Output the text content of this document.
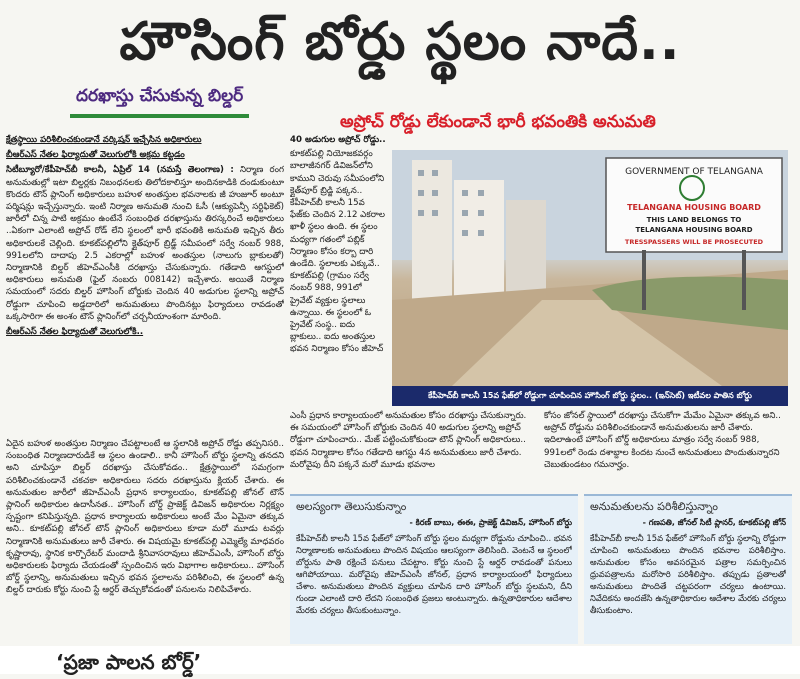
హౌసింగ్ బోర్డు స్థలం నాదే..
దరఖాస్తు చేసుకున్న బిల్డర్
అప్రోచ్ రోడ్డు లేకుండానే భారీ భవంతికి అనుమతి

క్షేత్రస్థాయి పరిశీలించకుండానే వర్కిషన్ ఇచ్చేసిన అధికారులు

బీఆర్ఎస్ నేతల ఫిర్యాదుతో వెలుగులోకి అక్రమ కట్టడం

సిటీబ్యూరో/కేపీహెచ్‌బీ కాలనీ, ఏప్రిల్ 14 (నమస్తే తెలంగాణ) : నిర్మాణ రంగ అనుమతుల్లో ఇటా బిల్డర్లకు నిబంధనలకు తిలోదకాలిస్తూ అందినకాడికి దండుకుంటూ కొందరు టౌన్ ప్లానింగ్ అధికారులు బహుళ అంతస్తుల భవనాలకు జీ హుజూర్ అంటూ పర్మిషన్లు ఇచ్చేస్తున్నారు. ఇంటి నిర్మాణ అనుమతి నుంచి ఓసీ (ఆక్యుపెన్సీ సర్టిఫికెట్) జారీలో చిన్న పాటి అక్రమం ఉంటేనే సంబంధిత దరఖాస్తును తిరస్కరించే అధికారులు ..ఏకంగా ఎలాంటి అప్రోచ్ రోడ్ లేని స్థలంలో భారీ భవంతికి అనుమతి ఇచ్చిన తీరు అధికారులకే చెల్లింది. కూకట్‌పల్లిలోని క్లైత్‌పూర్ బ్రిడ్జ్ సమీపంలో సర్వే నంబర్ 988, 991లలోని దాదాపు 2.5 ఎకరాల్లో బహుళ అంతస్తుల (నాలుగు బ్లాకులతో) నిర్మాణానికి బిల్డర్ జీహెచ్‌ఎంసీకి దరఖాస్తు చేసుకున్నారు. గతేడాది ఆగస్టులో అధికారులు అనుమతి (ఫైల్ నంబరు 008142) ఇచ్చేశారు. అయితే నిర్మాణ సమయంలో సదరు బిల్డర్ హౌసింగ్ బోర్డుకు చెందిన 40 అడుగుల స్థలాన్ని అప్రోచ్ రోడ్డుగా చూపించి అడ్డదారిలో అనుమతులు పొందినట్లు ఫిర్యాదులు రావడంతో ఒక్కసారిగా ఈ అంశం టౌన్ ప్లానింగ్‌లో చర్చనీయాంశంగా మారింది.

బీఆర్ఎస్ నేతల ఫిర్యాదుతో వెలుగులోకి..

40 అడుగుల అప్రోచ్ రోడ్డు..

కూకట్‌పల్లి నియోజకవర్గం బాలాజీనగర్ డివిజన్‌లోని కాముని చెరువు సమీపంలోని క్లైత్‌పూర్ బ్రిడ్జి పక్కన.. కేపీహెచ్‌బీ కాలనీ 15వ ఫేజ్‌కు చెందిన 2.12 ఎకరాల ఖాళీ స్థలం ఉంది. ఈ స్థలం మధ్యగా గతంలో పబ్లిక్ నిర్మాణం కోసం కర్బా దారి ఉండేది. స్థలాలకు ఎక్కువే.. కూకట్‌పల్లి (గ్రామం సర్వే నంబర్ 988, 991లో ప్రైవేట్ వ్యక్తుల స్థలాలు ఉన్నాయి. ఈ స్థలంలో ఓ ప్రైవేట్ సంస్థ.. ఐదు బ్లాకులు.. ఐదు అంతస్తుల భవన నిర్మాణం కోసం జీహెచ్

GOVERNMENT OF TELANGANA
TELANGANA HOUSING BOARD
THIS LAND BELONGS TO
TELANGANA HOUSING BOARD
TRESSPASSERS WILL BE PROSECUTED
కేపీహెచ్‌బీ కాలనీ 15వ ఫేజ్‌లో రోడ్డుగా చూపించిన హౌసింగ్ బోర్డు స్థలం.. (ఇన్‌సెట్) ఇటీవల పాతిన బోర్డు
ఏదైన బహుళ అంతస్తుల నిర్మాణం చేపట్టాలంటే ఆ స్థలానికి అప్రోచ్ రోడ్డు తప్పనిసరి.. సంబంధిత నిర్మాణదారుడికే ఆ స్థలం ఉండాలి.. కానీ హౌసింగ్ బోర్డు స్థలాన్ని తనదని అని చూపిస్తూ బిల్డర్ దరఖాస్తు చేసుకోవడం.. క్షేత్రస్థాయిలో సమగ్రంగా పరిశీలించకుండానే చకచకా అధికారులు సదరు దరఖాస్తును క్లియర్ చేశారు. ఈ అనుమతుల జారీలో జీహెచ్‌ఎంసీ ప్రధాన కార్యాలయం, కూకట్‌పల్లి జోనల్ టౌన్ ప్లానింగ్ అధికారుల ఉదాసీనత.. హౌసింగ్ బోర్డ్ ప్రాజెక్ట్ డివిజన్ అధికారుల నిర్లక్ష్యం స్పష్టంగా కనిపిస్తున్నది. ప్రధాన కార్యాలయ అధికారులు అంటే మేం ఏమైనా తక్కువ అని.. కూకట్‌పల్లి జోనల్ టౌన్ ప్లానింగ్ అధికారులు కూడా మరో మూడు టవర్లు నిర్మాణానికి అనుమతులు జారీ చేశారు. ఈ విషయమై కూకట్‌పల్లి ఎమ్మెల్యే మాధవరం కృష్ణారావు, స్థానిక కార్పొరేటర్ మందాడి శ్రీనివాసరావులు జీహెచ్‌ఎంసీ, హౌసింగ్ బోర్డు అధికారులకు ఫిర్యాదు చేయడంతో స్పందించిన ఇరు విభాగాల అధికారులు.. హౌసింగ్ బోర్డ్ స్థలాన్ని, అనుమతులు ఇచ్చిన భవన స్థలాలను పరిశీలించి, ఈ స్థలంలో ఉన్న బిల్డర్ దారుకు కోర్టు నుంచి స్టే ఆర్డర్ తెచ్చుకోవడంతో పనులను నిలిపివేశారు.
ఎంసీ ప్రధాన కార్యాలయంలో అనుమతుల కోసం దరఖాస్తు చేసుకున్నారు. ఈ సమయంలో హౌసింగ్ బోర్డుకు చెందిన 40 అడుగుల స్థలాన్ని అప్రోచ్ రోడ్డుగా చూపించారు.. మేజ్ పట్టించుకోకుండా టౌన్ ప్లానింగ్ అధికారులు.. భవన నిర్మాణాల కోసం గతేడాది ఆగస్టు 4న అనుమతులు జారీ చేశారు. మరోవైపు దీని పక్కనే మరో మూడు భవనాల
కోసం జోనల్ స్థాయిలో దరఖాస్తు చేసుకోగా మేమేం ఏమైనా తక్కువ అని.. అప్రోచ్ రోడ్డును పరిశీలించకుండానే అనుమతులను జారీ చేశారు. ఇదిలాఉంటే హౌసింగ్ బోర్డ్ అధికారులు మాత్రం సర్వే నంబర్ 988, 991లలో రెండు దశాబ్దాల కిందట నుంచే అనుమతులు పొందుతున్నారని చెబుతుండటం గమనార్హం.
అలస్యంగా తెలుసుకున్నాం
- కిరణ్ బాబు, ఈఈ, ప్రాజెక్ట్ డివిజన్, హౌసింగ్ బోర్డు
కేపీహెచ్‌బీ కాలనీ 15వ ఫేజ్‌లో హౌసింగ్ బోర్డు స్థలం మధ్యగా రోడ్డును చూపించి.. భవన నిర్మాణాలకు అనుమతులు పొందిన విషయం ఆలస్యంగా తెలిసింది. వెంటనే ఆ స్థలంలో బోర్డును పాతి రక్షించే పనులు చేపట్టాం. కోర్టు నుంచి స్టే ఆర్డర్ రావడంతో పనులు ఆగిపోయాయి. మరోవైపు జీహెచ్‌ఎంసీ జోనల్, ప్రధాన కార్యాలయంలో ఫిర్యాదులు చేశాం. అనుమతులు పొందిన వ్యక్తులు చూపిన దారి హౌసింగ్ బోర్డు స్థలమని, దీని గుండా ఎలాంటి దారి లేదని సంబంధిత ప్రజలు అంటున్నారు. ఉన్నతాధికారుల ఆదేశాల మేరకు చర్యలు తీసుకుంటున్నాం.
అనుమతులను పరిశీలిస్తున్నాం
- గణపతి, జోనల్ సిటీ ప్లానర్, కూకట్‌పల్లి జోన్
కేపీహెచ్‌బీ కాలనీ 15వ ఫేజ్‌లో హౌసింగ్ బోర్డు స్థలాన్ని రోడ్డుగా చూపించి అనుమతులు పొందిన భవనాల పరిశీలిస్తాం. అనుమతుల కోసం అవసరమైన పత్రాల సమర్పించిన ధ్రువపత్రాలను మరోసారి పరిశీలిస్తాం. తప్పుడు ప్రతాలతో అనుమతులు పొందితే చట్టపరంగా చర్యలు ఉంటాయి. నివేదికను అందజేసి ఉన్నతాధికారుల ఆదేశాల మేరకు చర్యలు తీసుకుంటాం.
‘ప్రజా పాలన బోర్డ్’
